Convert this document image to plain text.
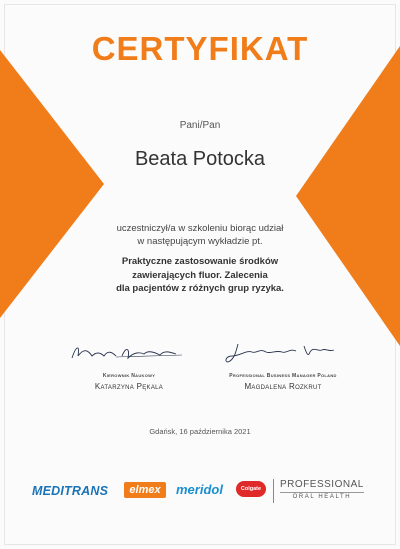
CERTYFIKAT
Pani/Pan
Beata Potocka
uczestniczył/a w szkoleniu biorąc udział
w następującym wykładzie pt.
Praktyczne zastosowanie środków
zawierających fluor. Zalecenia
dla pacjentów z różnych grup ryzyka.
Kierownik Naukowy
Katarzyna Pękala
Professional Business Manager Poland
Magdalena Rozkrut
Gdańsk, 16 października 2021
MEDITRANS	elmex	meridol	Colgate	PROFESSIONAL
ORAL HEALTH
